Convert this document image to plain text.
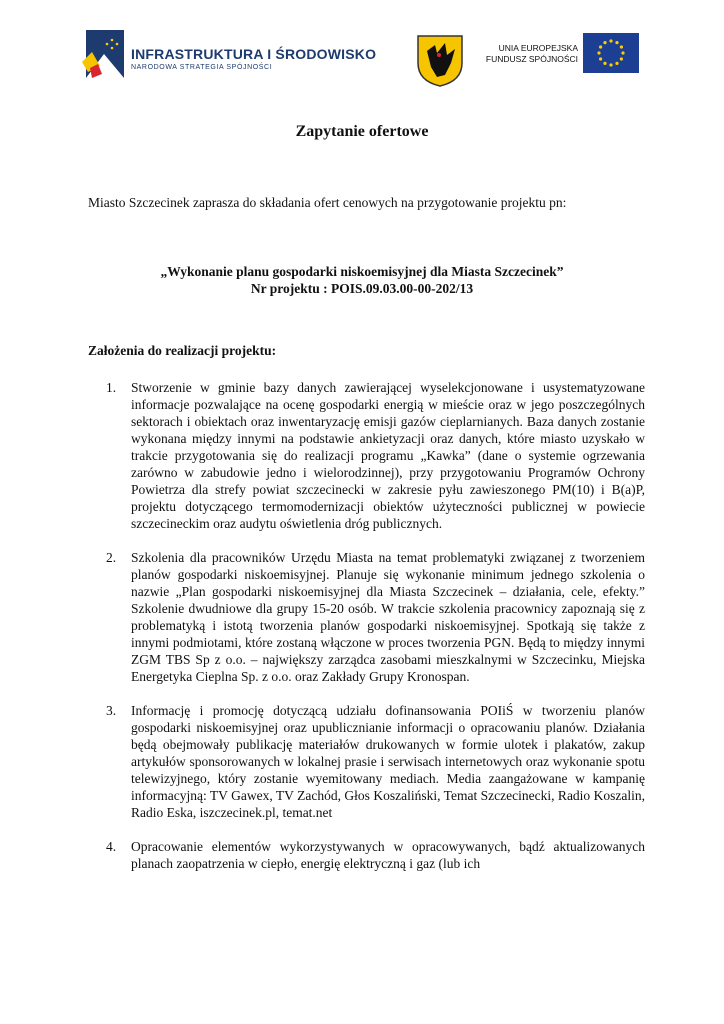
INFRASTRUKTURA I ŚRODOWISKO
NARODOWA STRATEGIA SPÓJNOŚCI
UNIA EUROPEJSKA
FUNDUSZ SPÓJNOŚCI
Zapytanie ofertowe
Miasto Szczecinek zaprasza do składania ofert cenowych na przygotowanie projektu pn:
„Wykonanie planu gospodarki niskoemisyjnej dla Miasta Szczecinek”
Nr projektu : POIS.09.03.00-00-202/13
Założenia do realizacji projektu:
1. Stworzenie w gminie bazy danych zawierającej wyselekcjonowane i usystematyzowane informacje pozwalające na ocenę gospodarki energią w mieście oraz w jego poszczególnych sektorach i obiektach oraz inwentaryzację emisji gazów cieplarnianych. Baza danych zostanie wykonana między innymi na podstawie ankietyzacji oraz danych, które miasto uzyskało w trakcie przygotowania się do realizacji programu „Kawka” (dane o systemie ogrzewania zarówno w zabudowie jedno i wielorodzinnej), przy przygotowaniu Programów Ochrony Powietrza dla strefy powiat szczecinecki w zakresie pyłu zawieszonego PM(10) i B(a)P, projektu dotyczącego termomodernizacji obiektów użyteczności publicznej w powiecie szczecineckim oraz audytu oświetlenia dróg publicznych.
2. Szkolenia dla pracowników Urzędu Miasta na temat problematyki związanej z tworzeniem planów gospodarki niskoemisyjnej. Planuje się wykonanie minimum jednego szkolenia o nazwie „Plan gospodarki niskoemisyjnej dla Miasta Szczecinek – działania, cele, efekty.” Szkolenie dwudniowe dla grupy 15-20 osób. W trakcie szkolenia pracownicy zapoznają się z problematyką i istotą tworzenia planów gospodarki niskoemisyjnej. Spotkają się także z innymi podmiotami, które zostaną włączone w proces tworzenia PGN. Będą to między innymi ZGM TBS Sp z o.o. – największy zarządca zasobami mieszkalnymi w Szczecinku, Miejska Energetyka Cieplna Sp. z o.o. oraz Zakłady Grupy Kronospan.
3. Informację i promocję dotyczącą udziału dofinansowania POIiŚ w tworzeniu planów gospodarki niskoemisyjnej oraz upublicznianie informacji o opracowaniu planów. Działania będą obejmowały publikację materiałów drukowanych w formie ulotek i plakatów, zakup artykułów sponsorowanych w lokalnej prasie i serwisach internetowych oraz wykonanie spotu telewizyjnego, który zostanie wyemitowany mediach. Media zaangażowane w kampanię informacyjną: TV Gawex, TV Zachód, Głos Koszaliński, Temat Szczecinecki, Radio Koszalin, Radio Eska, iszczecinek.pl, temat.net
4. Opracowanie elementów wykorzystywanych w opracowywanych, bądź aktualizowanych planach zaopatrzenia w ciepło, energię elektryczną i gaz (lub ich
